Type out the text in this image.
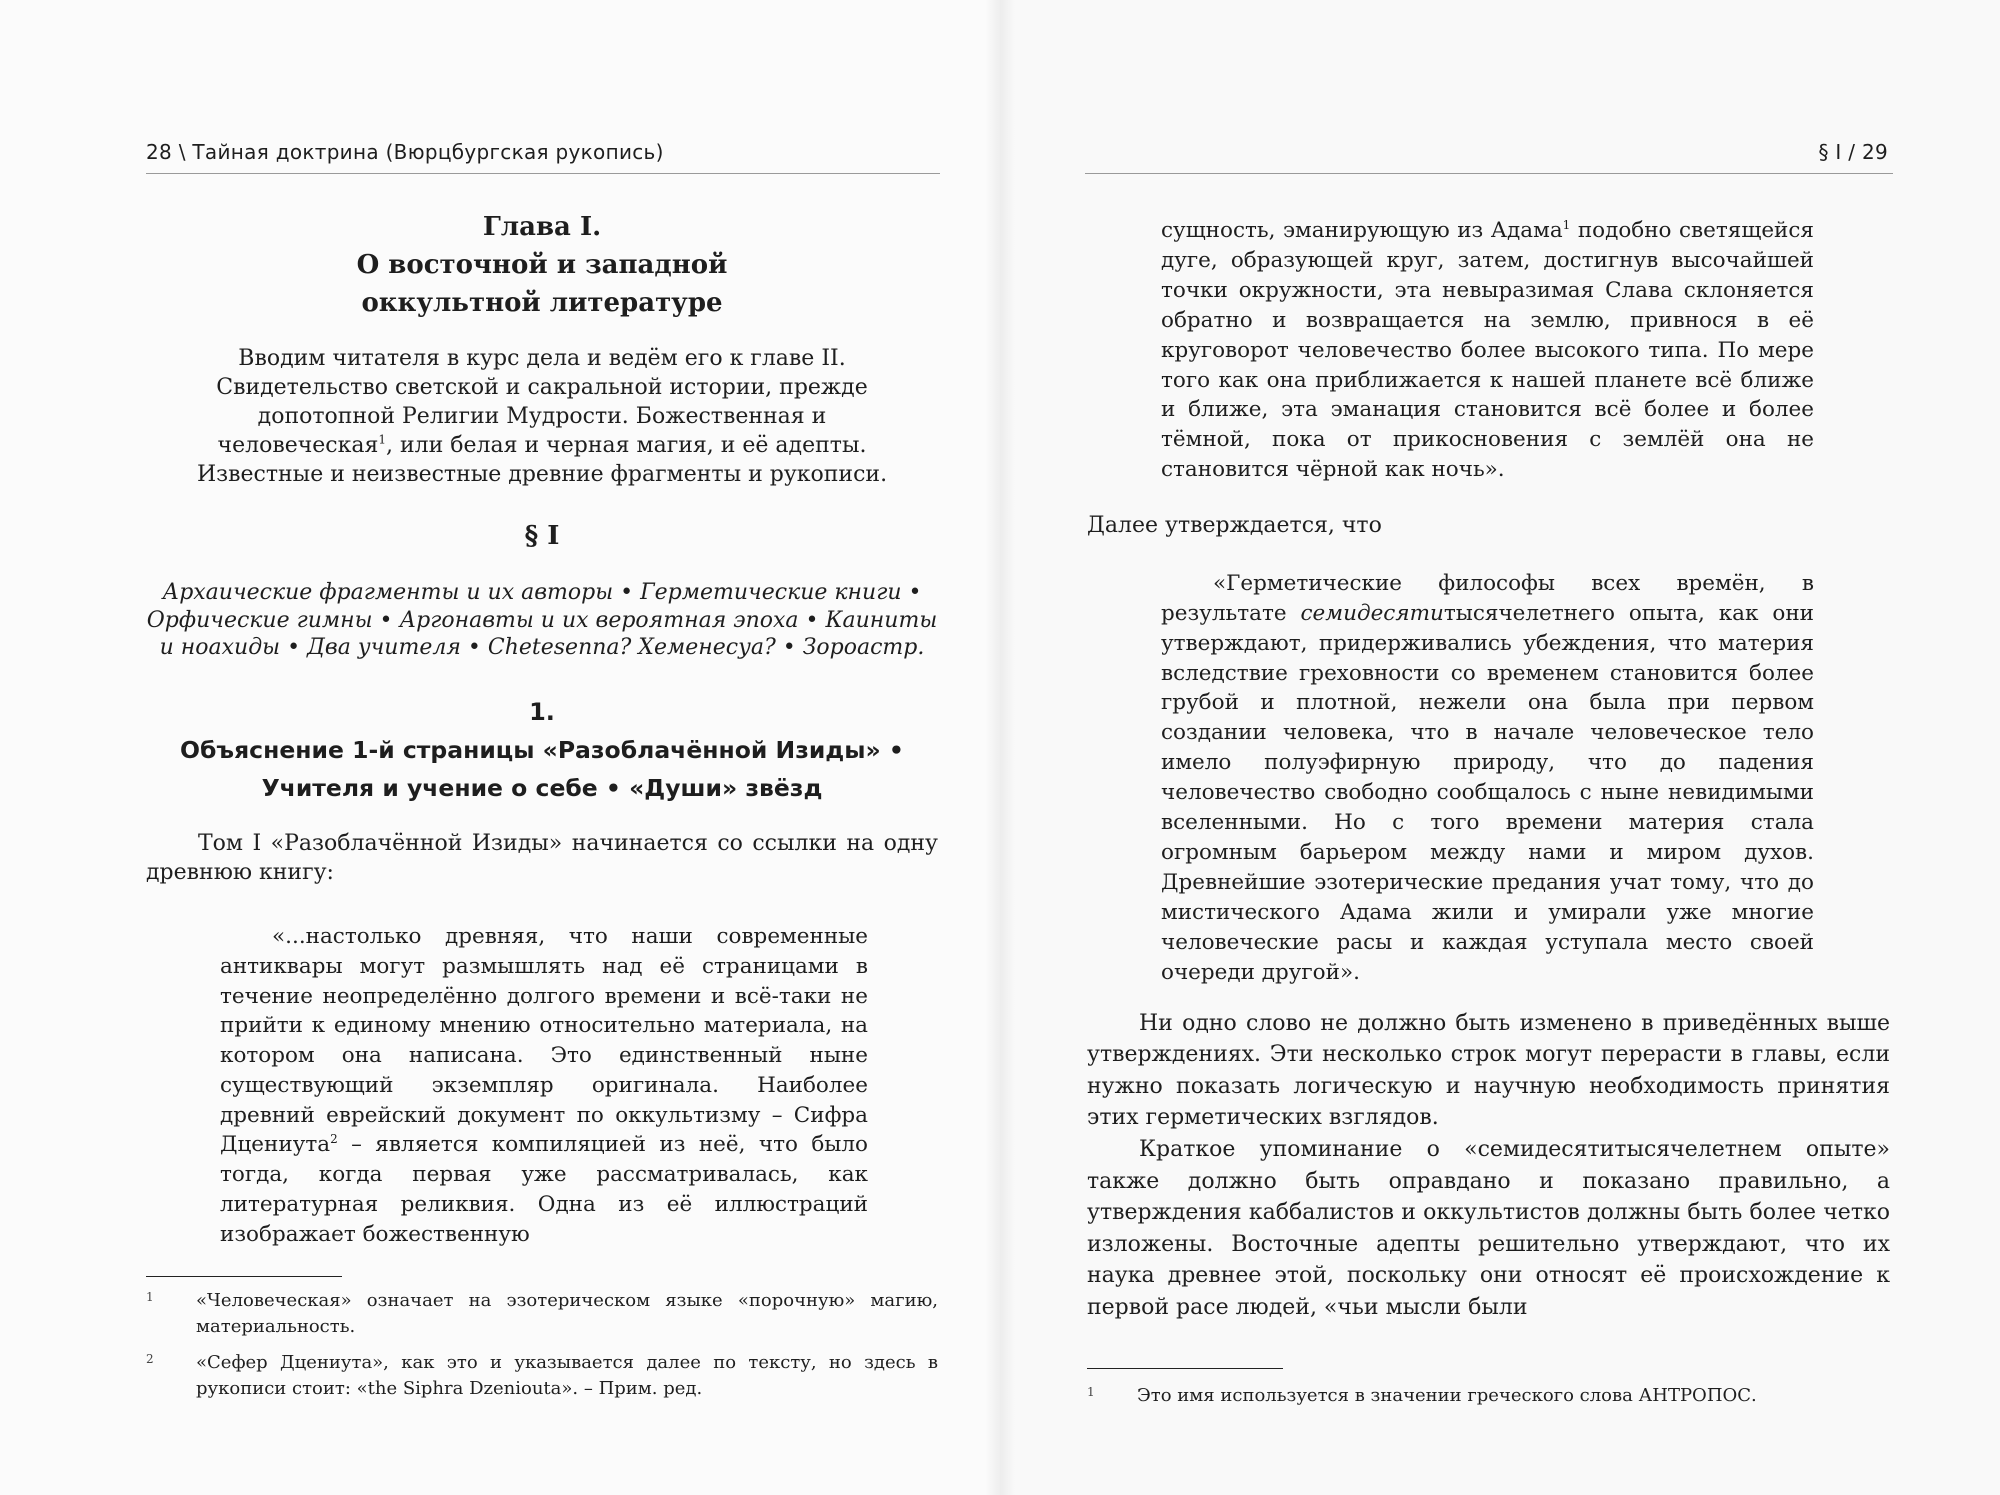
28 \ Тайная доктрина (Вюрцбургская рукопись)

Глава I.
О восточной и западной
оккультной литературе

Вводим читателя в курс дела и ведём его к главе II. Свидетельство светской и сакральной истории, прежде допотопной Религии Мудрости. Божественная и человеческая$^1$, или белая и черная магия, и её адепты. Известные и неизвестные древние фрагменты и рукописи.

§ I

Архаические фрагменты и их авторы • Герметические книги • Орфические гимны • Аргонавты и их вероятная эпоха • Каиниты и ноахиды • Два учителя • Chetesenna? Хеменесуа? • Зороастр.

1.

Объяснение 1-й страницы «Разоблачённой Изиды» •
Учителя и учение о себе • «Души» звёзд

Том I «Разоблачённой Изиды» начинается со ссылки на одну древнюю книгу:

«...настолько древняя, что наши современные антиквары могут размышлять над её страницами в течение неопределённо долгого времени и всё-таки не прийти к единому мнению относительно материала, на котором она написана. Это единственный ныне существующий экземпляр оригинала. Наиболее древний еврейский документ по оккультизму – Сифра Дцениута$^2$ – является компиляцией из неё, что было тогда, когда первая уже рассматривалась, как литературная реликвия. Одна из её иллюстраций изображает божественную

1	«Человеческая» означает на эзотерическом языке «порочную» магию, материальность.
2	«Сефер Дцениута», как это и указывается далее по тексту, но здесь в рукописи стоит: «the Siphra Dzeniouta». – Прим. ред.
§ I / 29

сущность, эманирующую из Адама$^1$ подобно светящейся дуге, образующей круг, затем, достигнув высочайшей точки окружности, эта невыразимая Слава склоняется обратно и возвращается на землю, привнося в её круговорот человечество более высокого типа. По мере того как она приближается к нашей планете всё ближе и ближе, эта эманация становится всё более и более тёмной, пока от прикосновения с землёй она не становится чёрной как ночь».

Далее утверждается, что

«Герметические философы всех времён, в результате семидесятитысячелетнего опыта, как они утверждают, придерживались убеждения, что материя вследствие греховности со временем становится более грубой и плотной, нежели она была при первом создании человека, что в начале человеческое тело имело полуэфирную природу, что до падения человечество свободно сообщалось с ныне невидимыми вселенными. Но с того времени материя стала огромным барьером между нами и миром духов. Древнейшие эзотерические предания учат тому, что до мистического Адама жили и умирали уже многие человеческие расы и каждая уступала место своей очереди другой».

Ни одно слово не должно быть изменено в приведённых выше утверждениях. Эти несколько строк могут перерасти в главы, если нужно показать логическую и научную необходимость принятия этих герметических взглядов.

Краткое упоминание о «семидесятитысячелетнем опыте» также должно быть оправдано и показано правильно, а утверждения каббалистов и оккультистов должны быть более четко изложены. Восточные адепты решительно утверждают, что их наука древнее этой, поскольку они относят её происхождение к первой расе людей, «чьи мысли были

1	Это имя используется в значении греческого слова АНТРОПОС.
